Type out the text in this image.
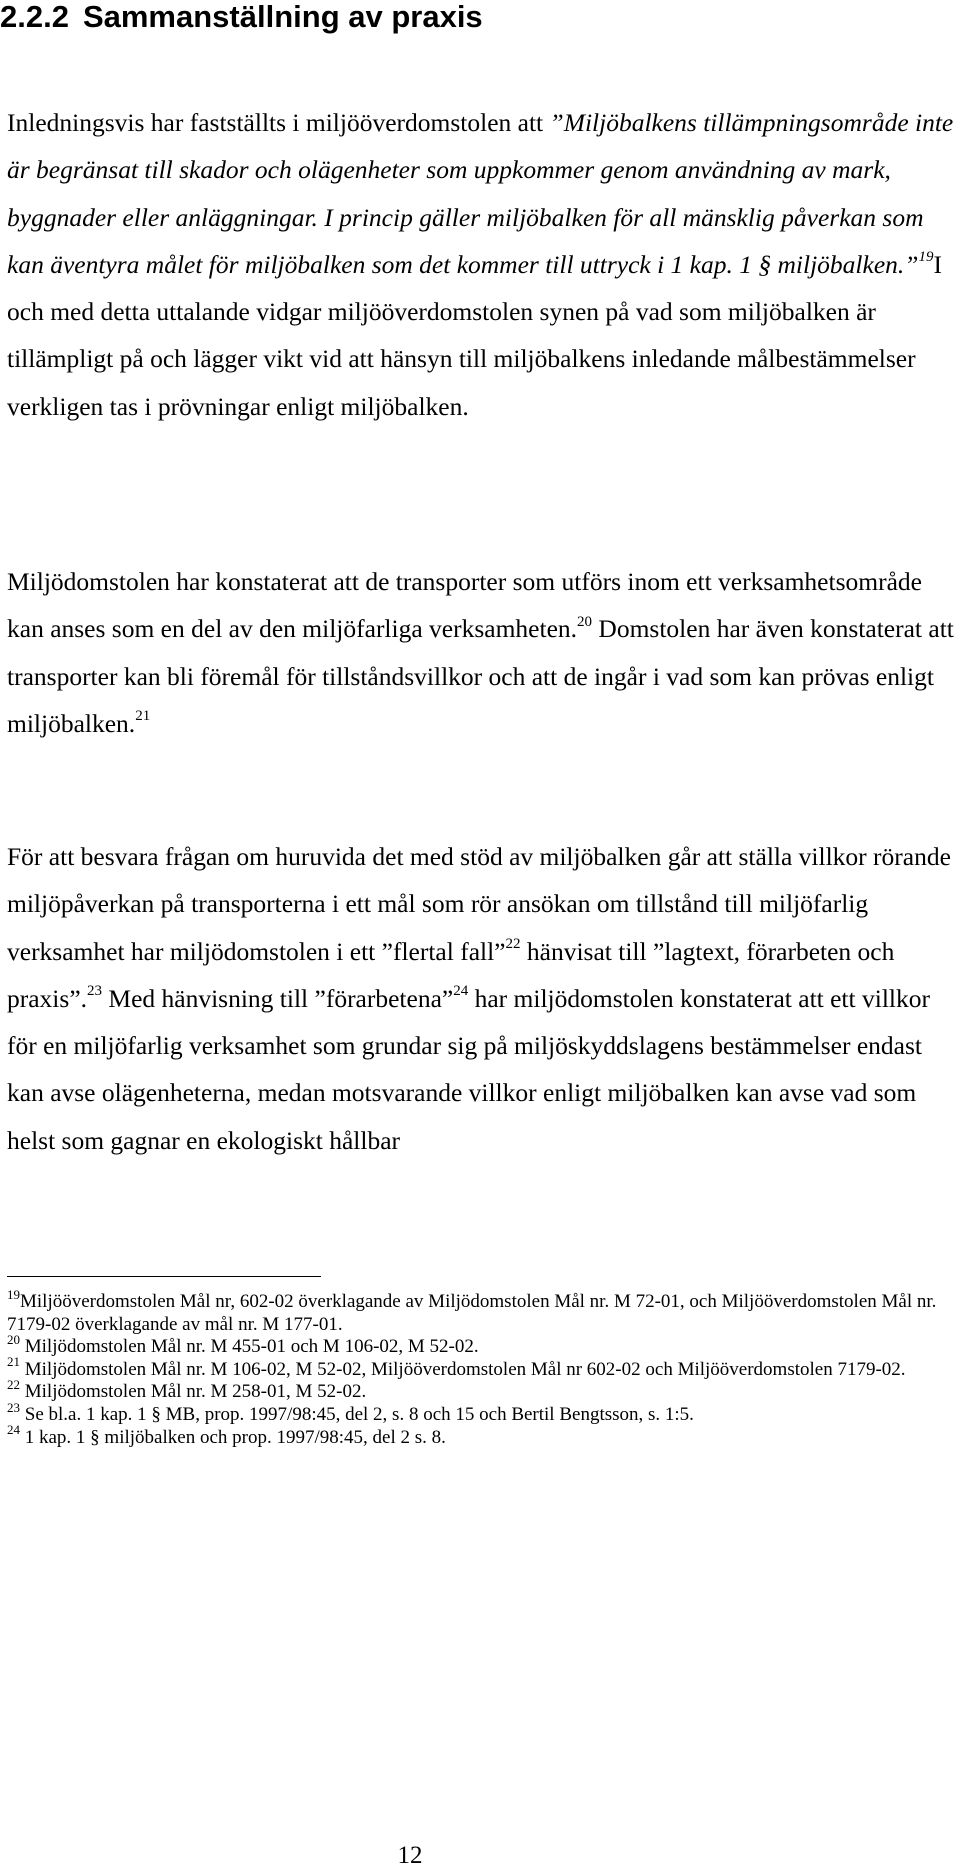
2.2.2 Sammanställning av praxis

Inledningsvis har fastställts i miljööverdomstolen att ”Miljöbalkens tillämpningsområde inte är begränsat till skador och olägenheter som uppkommer genom användning av mark, byggnader eller anläggningar. I princip gäller miljöbalken för all mänsklig påverkan som kan äventyra målet för miljöbalken som det kommer till uttryck i 1 kap. 1 § miljöbalken.”$^{19}$I och med detta uttalande vidgar miljööverdomstolen synen på vad som miljöbalken är tillämpligt på och lägger vikt vid att hänsyn till miljöbalkens inledande målbestämmelser verkligen tas i prövningar enligt miljöbalken.

Miljödomstolen har konstaterat att de transporter som utförs inom ett verksamhetsområde kan anses som en del av den miljöfarliga verksamheten.$^{20}$ Domstolen har även konstaterat att transporter kan bli föremål för tillståndsvillkor och att de ingår i vad som kan prövas enligt miljöbalken.$^{21}$

För att besvara frågan om huruvida det med stöd av miljöbalken går att ställa villkor rörande miljöpåverkan på transporterna i ett mål som rör ansökan om tillstånd till miljöfarlig verksamhet har miljödomstolen i ett ”flertal fall”$^{22}$ hänvisat till ”lagtext, förarbeten och praxis”.$^{23}$ Med hänvisning till ”förarbetena”$^{24}$ har miljödomstolen konstaterat att ett villkor för en miljöfarlig verksamhet som grundar sig på miljöskyddslagens bestämmelser endast kan avse olägenheterna, medan motsvarande villkor enligt miljöbalken kan avse vad som helst som gagnar en ekologiskt hållbar

$^{19}$Miljööverdomstolen Mål nr, 602-02 överklagande av Miljödomstolen Mål nr. M 72-01, och Miljööverdomstolen Mål nr. 7179-02 överklagande av mål nr. M 177-01.

$^{20}$ Miljödomstolen Mål nr. M 455-01 och M 106-02, M 52-02.

$^{21}$ Miljödomstolen Mål nr. M 106-02, M 52-02, Miljööverdomstolen Mål nr 602-02 och Miljööverdomstolen 7179-02.

$^{22}$ Miljödomstolen Mål nr. M 258-01, M 52-02.

$^{23}$ Se bl.a. 1 kap. 1 § MB, prop. 1997/98:45, del 2, s. 8 och 15 och Bertil Bengtsson, s. 1:5.

$^{24}$ 1 kap. 1 § miljöbalken och prop. 1997/98:45, del 2 s. 8.

12
